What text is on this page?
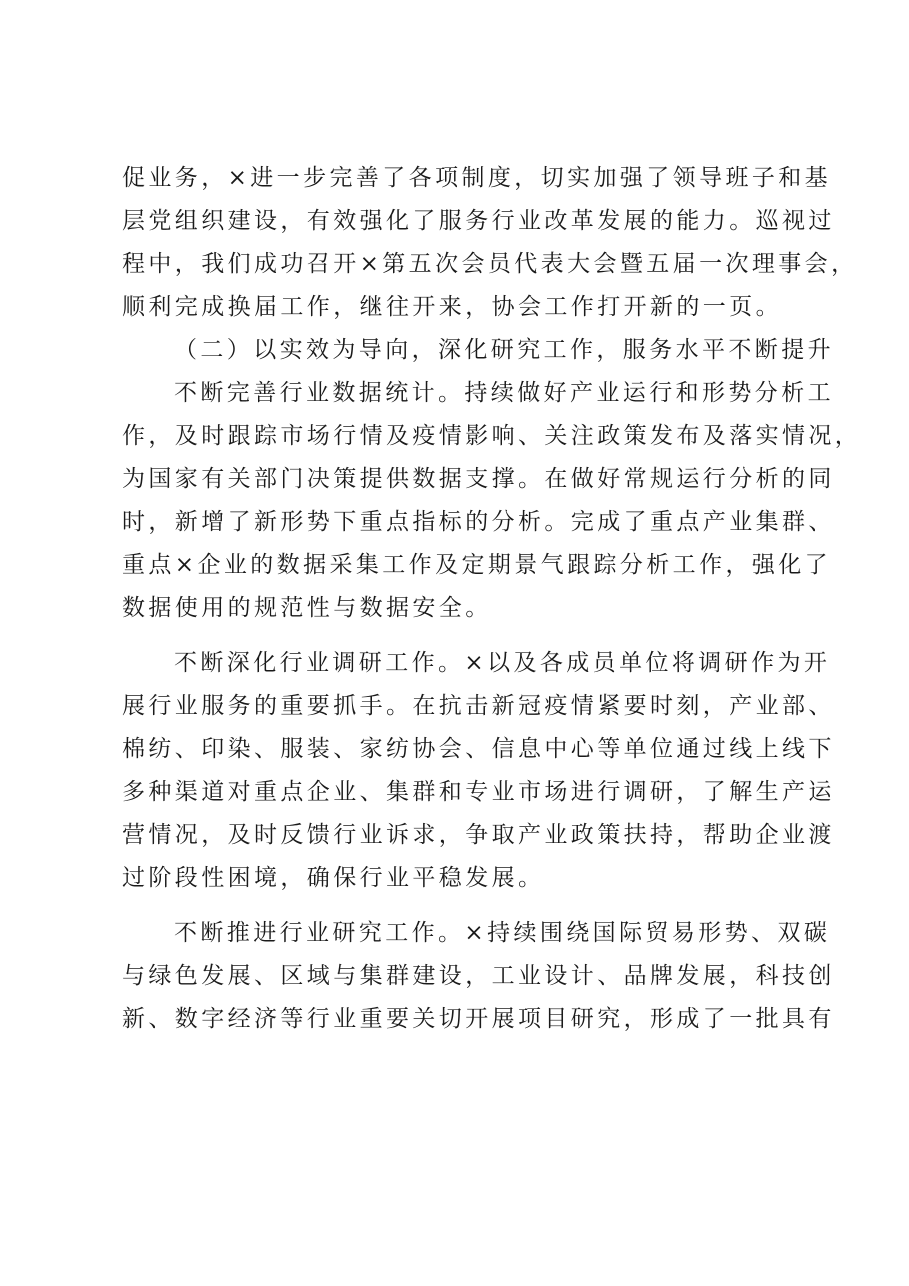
促业务，×进一步完善了各项制度，切实加强了领导班子和基
层党组织建设，有效强化了服务行业改革发展的能力。巡视过
程中，我们成功召开×第五次会员代表大会暨五届一次理事会，
顺利完成换届工作，继往开来，协会工作打开新的一页。
（二）以实效为导向，深化研究工作，服务水平不断提升
不断完善行业数据统计。持续做好产业运行和形势分析工
作，及时跟踪市场行情及疫情影响、关注政策发布及落实情况，
为国家有关部门决策提供数据支撑。在做好常规运行分析的同
时，新增了新形势下重点指标的分析。完成了重点产业集群、
重点×企业的数据采集工作及定期景气跟踪分析工作，强化了
数据使用的规范性与数据安全。
不断深化行业调研工作。×以及各成员单位将调研作为开
展行业服务的重要抓手。在抗击新冠疫情紧要时刻，产业部、
棉纺、印染、服装、家纺协会、信息中心等单位通过线上线下
多种渠道对重点企业、集群和专业市场进行调研，了解生产运
营情况，及时反馈行业诉求，争取产业政策扶持，帮助企业渡
过阶段性困境，确保行业平稳发展。
不断推进行业研究工作。×持续围绕国际贸易形势、双碳
与绿色发展、区域与集群建设，工业设计、品牌发展，科技创
新、数字经济等行业重要关切开展项目研究，形成了一批具有
